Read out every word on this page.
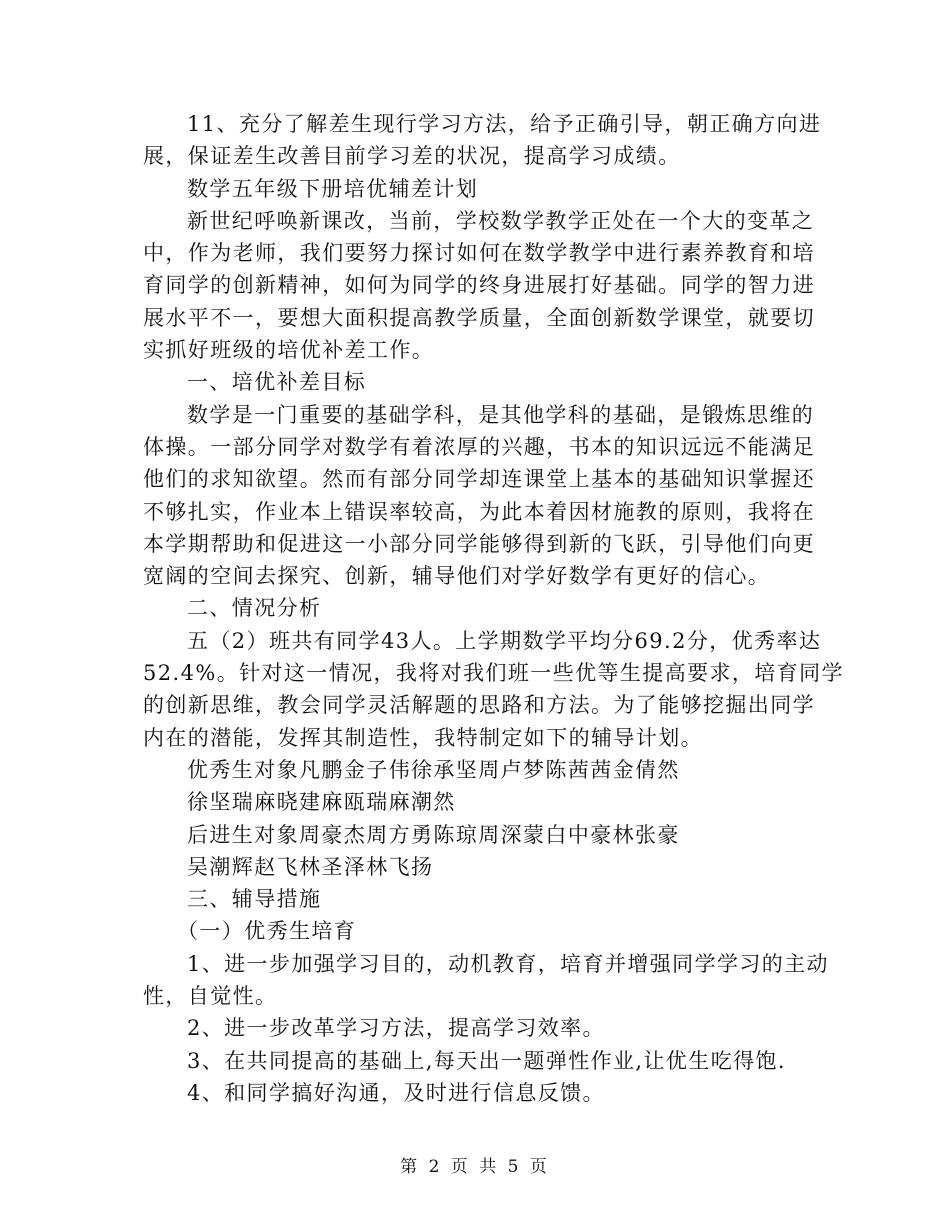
11、充分了解差生现行学习方法，给予正确引导，朝正确方向进

展，保证差生改善目前学习差的状况，提高学习成绩。

数学五年级下册培优辅差计划

新世纪呼唤新课改，当前，学校数学教学正处在一个大的变革之

中，作为老师，我们要努力探讨如何在数学教学中进行素养教育和培

育同学的创新精神，如何为同学的终身进展打好基础。同学的智力进

展水平不一，要想大面积提高教学质量，全面创新数学课堂，就要切

实抓好班级的培优补差工作。

一、培优补差目标

数学是一门重要的基础学科，是其他学科的基础，是锻炼思维的

体操。一部分同学对数学有着浓厚的兴趣，书本的知识远远不能满足

他们的求知欲望。然而有部分同学却连课堂上基本的基础知识掌握还

不够扎实，作业本上错误率较高，为此本着因材施教的原则，我将在

本学期帮助和促进这一小部分同学能够得到新的飞跃，引导他们向更

宽阔的空间去探究、创新，辅导他们对学好数学有更好的信心。

二、情况分析

五（2）班共有同学43人。上学期数学平均分69.2分，优秀率达

52.4%。针对这一情况，我将对我们班一些优等生提高要求，培育同学

的创新思维，教会同学灵活解题的思路和方法。为了能够挖掘出同学

内在的潜能，发挥其制造性，我特制定如下的辅导计划。

优秀生对象凡鹏金子伟徐承坚周卢梦陈茜茜金倩然

徐坚瑞麻晓建麻瓯瑞麻潮然

后进生对象周豪杰周方勇陈琼周深蒙白中豪林张豪

吴潮辉赵飞林圣泽林飞扬

三、辅导措施

（一）优秀生培育

1、进一步加强学习目的，动机教育，培育并增强同学学习的主动

性，自觉性。

2、进一步改革学习方法，提高学习效率。

3、在共同提高的基础上,每天出一题弹性作业,让优生吃得饱.

4、和同学搞好沟通，及时进行信息反馈。

第 2 页 共 5 页
